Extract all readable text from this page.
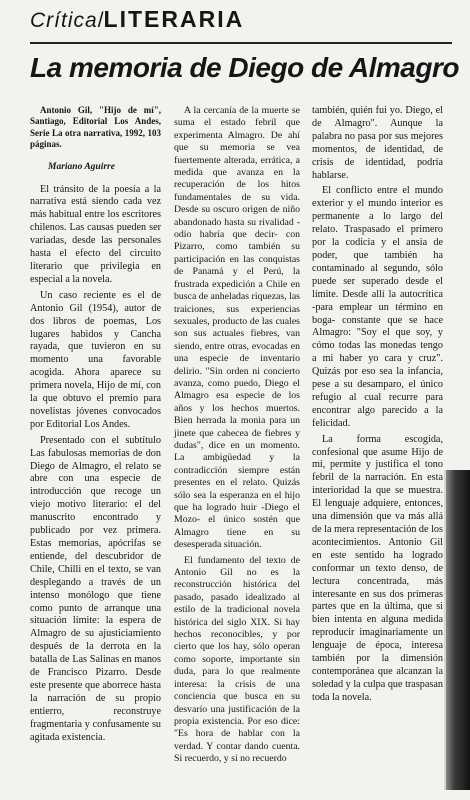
Crítica/LITERARIA
La memoria de Diego de Almagro

Antonio Gil, "Hijo de mí", Santiago, Editorial Los Andes, Serie La otra narrativa, 1992, 103 páginas.

Mariano Aguirre

El tránsito de la poesía a la narrativa está siendo cada vez más habitual entre los escritores chilenos. Las causas pueden ser variadas, desde las personales hasta el efecto del circuito literario que privilegia en especial a la novela.

Un caso reciente es el de Antonio Gil (1954), autor de dos libros de poemas, Los lugares habidos y Cancha rayada, que tuvieron en su momento una favorable acogida. Ahora aparece su primera novela, Hijo de mí, con la que obtuvo el premio para novelistas jóvenes convocados por Editorial Los Andes.

Presentado con el subtítulo Las fabulosas memorias de don Diego de Almagro, el relato se abre con una especie de introducción que recoge un viejo motivo literario: el del manuscrito encontrado y publicado por vez primera. Estas memorias, apócrifas se entiende, del descubridor de Chile, Chilli en el texto, se van desplegando a través de un intenso monólogo que tiene como punto de arranque una situación límite: la espera de Almagro de su ajusticiamiento después de la derrota en la batalla de Las Salinas en manos de Francisco Pizarro. Desde este presente que aborrece hasta la narración de su propio entierro, reconstruye fragmentaria y confusamente su agitada existencia.

A la cercanía de la muerte se suma el estado febril que experimenta Almagro. De ahí que su memoria se vea fuertemente alterada, errática, a medida que avanza en la recuperación de los hitos fundamentales de su vida. Desde su oscuro origen de niño abandonado hasta su rivalidad -odio habría que decir- con Pizarro, como también su participación en las conquistas de Panamá y el Perú, la frustrada expedición a Chile en busca de anheladas riquezas, las traiciones, sus experiencias sexuales, producto de las cuales son sus actuales fiebres, van siendo, entre otras, evocadas en una especie de inventario delirio. "Sin orden ni concierto avanza, como puedo, Diego el Almagro esa especie de los años y los hechos muertos. Bien herrada la monia para un jinete que cabecea de fiebres y dudas", dice en un momento. La ambigüedad y la contradicción siempre están presentes en el relato. Quizás sólo sea la esperanza en el hijo que ha logrado huir -Diego el Mozo- el único sostén que Almagro tiene en su desesperada situación.

El fundamento del texto de Antonio Gil no es la reconstrucción histórica del pasado, pasado idealizado al estilo de la tradicional novela histórica del siglo XIX. Si hay hechos reconocibles, y por cierto que los hay, sólo operan como soporte, importante sin duda, para lo que realmente interesa: la crisis de una conciencia que busca en su desvarío una justificación de la propia existencia. Por eso dice: "Es hora de hablar con la verdad. Y contar dando cuenta. Si recuerdo, y si no recuerdo

también, quién fui yo. Diego, el de Almagro". Aunque la palabra no pasa por sus mejores momentos, de identidad, de crisis de identidad, podría hablarse.

El conflicto entre el mundo exterior y el mundo interior es permanente a lo largo del relato. Traspasado el primero por la codicia y el ansia de poder, que también ha contaminado al segundo, sólo puede ser superado desde el límite. Desde allí la autocrítica -para emplear un término en boga- constante que se hace Almagro: "Soy el que soy, y cómo todas las monedas tengo a mi haber yo cara y cruz". Quizás por eso sea la infancia, pese a su desamparo, el único refugio al cual recurre para encontrar algo parecido a la felicidad.

La forma escogida, confesional que asume Hijo de mí, permite y justifica el tono febril de la narración. En esta interioridad la que se muestra. El lenguaje adquiere, entonces, una dimensión que va más allá de la mera representación de los acontecimientos. Antonio Gil en este sentido ha logrado conformar un texto denso, de lectura concentrada, más interesante en sus dos primeras partes que en la última, que si bien intenta en alguna medida reproducir imaginariamente un lenguaje de época, interesa también por la dimensión contemporánea que alcanzan la soledad y la culpa que traspasan toda la novela.
